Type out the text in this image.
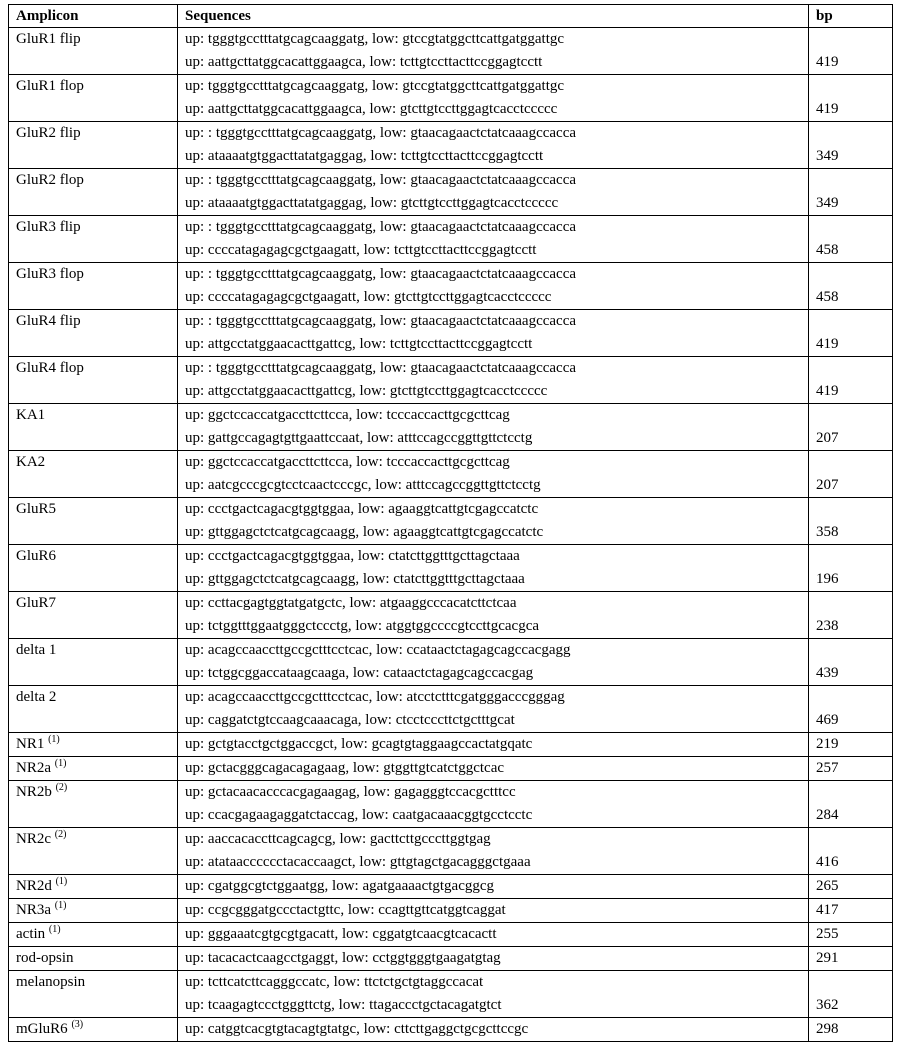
Amplicon	Sequences	bp
GluR1 flip	up: tgggtgcctttatgcagcaaggatg, low: gtccgtatggcttcattgatggattgc
up: aattgcttatggcacattggaagca, low: tcttgtccttacttccggagtcctt	419
GluR1 flop	up: tgggtgcctttatgcagcaaggatg, low: gtccgtatggcttcattgatggattgc
up: aattgcttatggcacattggaagca, low: gtcttgtccttggagtcacctccccc	419
GluR2 flip	up: : tgggtgcctttatgcagcaaggatg, low: gtaacagaactctatcaaagccacca
up: ataaaatgtggacttatatgaggag, low: tcttgtccttacttccggagtcctt	349
GluR2 flop	up: : tgggtgcctttatgcagcaaggatg, low: gtaacagaactctatcaaagccacca
up: ataaaatgtggacttatatgaggag, low: gtcttgtccttggagtcacctccccc	349
GluR3 flip	up: : tgggtgcctttatgcagcaaggatg, low: gtaacagaactctatcaaagccacca
up: ccccatagagagcgctgaagatt, low: tcttgtccttacttccggagtcctt	458
GluR3 flop	up: : tgggtgcctttatgcagcaaggatg, low: gtaacagaactctatcaaagccacca
up: ccccatagagagcgctgaagatt, low: gtcttgtccttggagtcacctccccc	458
GluR4 flip	up: : tgggtgcctttatgcagcaaggatg, low: gtaacagaactctatcaaagccacca
up: attgcctatggaacacttgattcg, low: tcttgtccttacttccggagtcctt	419
GluR4 flop	up: : tgggtgcctttatgcagcaaggatg, low: gtaacagaactctatcaaagccacca
up: attgcctatggaacacttgattcg, low: gtcttgtccttggagtcacctccccc	419
KA1	up: ggctccaccatgaccttcttcca, low: tcccaccacttgcgcttcag
up: gattgccagagtgttgaattccaat, low: atttccagccggttgttctcctg	207
KA2	up: ggctccaccatgaccttcttcca, low: tcccaccacttgcgcttcag
up: aatcgcccgcgtcctcaactcccgc, low: atttccagccggttgttctcctg	207
GluR5	up: ccctgactcagacgtggtggaa, low: agaaggtcattgtcgagccatctc
up: gttggagctctcatgcagcaagg, low: agaaggtcattgtcgagccatctc	358
GluR6	up: ccctgactcagacgtggtggaa, low: ctatcttggtttgcttagctaaa
up: gttggagctctcatgcagcaagg, low: ctatcttggtttgcttagctaaa	196
GluR7	up: ccttacgagtggtatgatgctc, low: atgaaggcccacatcttctcaa
up: tctggtttggaatgggctccctg, low: atggtggccccgtccttgcacgca	238
delta 1	up: acagccaaccttgccgctttcctcac, low: ccataactctagagcagccacgagg
up: tctggcggaccataagcaaga, low: cataactctagagcagccacgag	439
delta 2	up: acagccaaccttgccgctttcctcac, low: atcctctttcgatgggacccgggag
up: caggatctgtccaagcaaacaga, low: ctcctcccttctgctttgcat	469
NR1 $^{(1)}$	up: gctgtacctgctggaccgct, low: gcagtgtaggaagccactatgqatc	219
NR2a $^{(1)}$	up: gctacgggcagacagagaag, low: gtggttgtcatctggctcac	257
NR2b $^{(2)}$	up: gctacaacacccacgagaagag, low: gagagggtccacgctttcc
up: ccacgagaagaggatctaccag, low: caatgacaaacggtgcctcctc	284
NR2c $^{(2)}$	up: aaccacaccttcagcagcg, low: gacttcttgcccttggtgag
up: atataacccccctacaccaagct, low: gttgtagctgacagggctgaaa	416
NR2d $^{(1)}$	up: cgatggcgtctggaatgg, low: agatgaaaactgtgacggcg	265
NR3a $^{(1)}$	up: ccgcgggatgccctactgttc, low: ccagttgttcatggtcaggat	417
actin $^{(1)}$	up: gggaaatcgtgcgtgacatt, low: cggatgtcaacgtcacactt	255
rod-opsin	up: tacacactcaagcctgaggt, low: cctggtgggtgaagatgtag	291
melanopsin	up: tcttcatcttcagggccatc, low: ttctctgctgtaggccacat
up: tcaagagtccctgggttctg, low: ttagaccctgctacagatgtct	362
mGluR6 $^{(3)}$	up: catggtcacgtgtacagtgtatgc, low: cttcttgaggctgcgcttccgc	298
